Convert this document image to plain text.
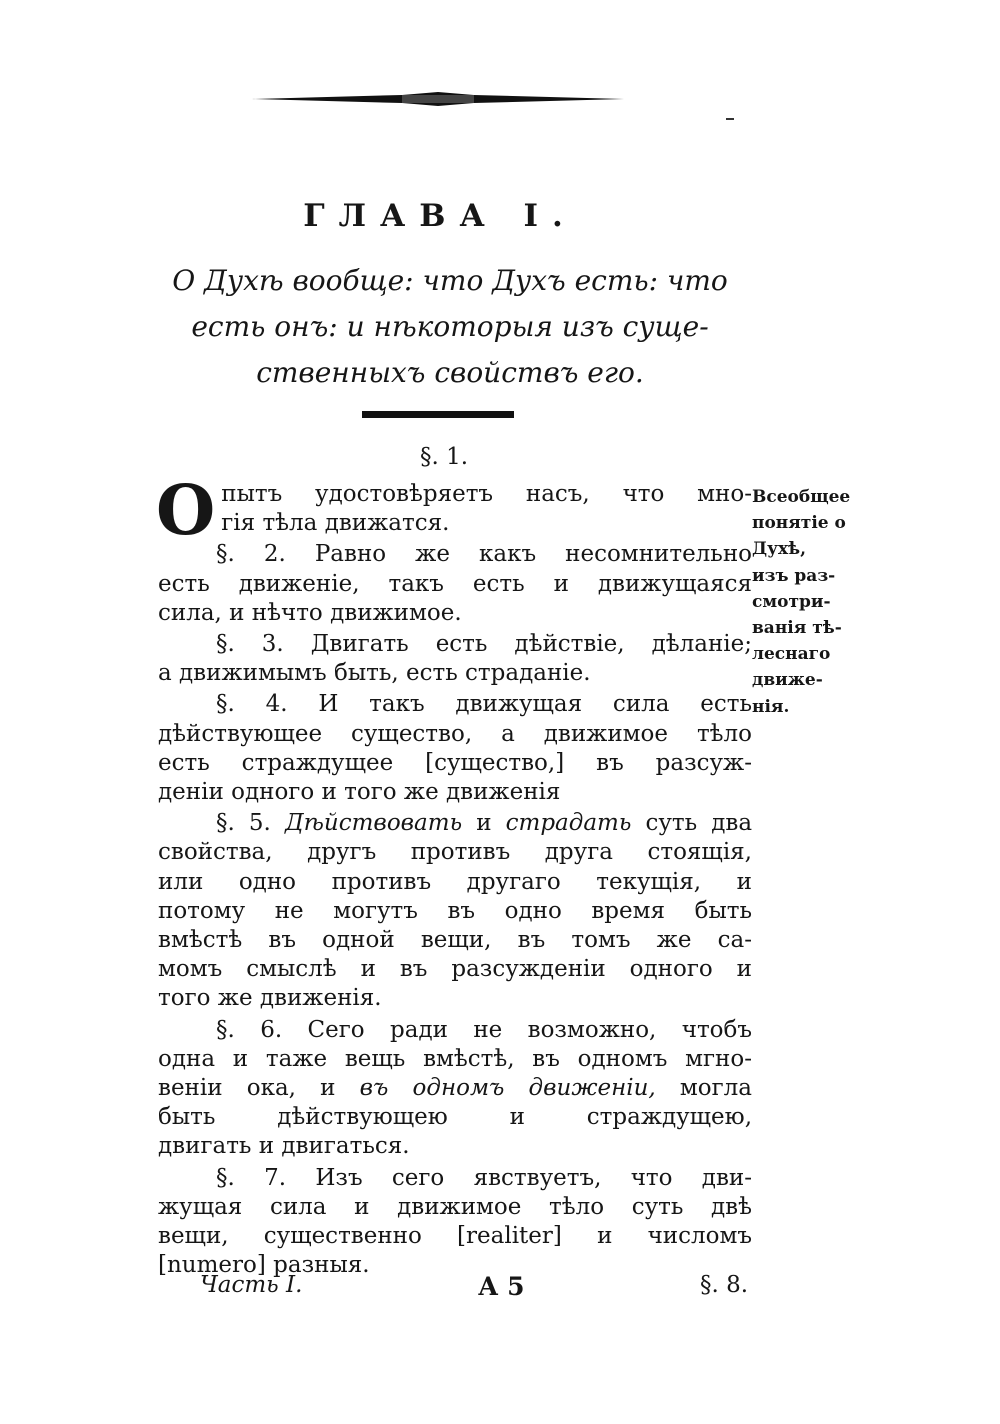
ГЛАВА I.
О Духѣ вообще: что Духъ есть: что
есть онъ: и нѣкоторыя изъ суще-
ственныхъ свойствъ его.
§. 1.
О пытъ удостовѣряетъ насъ, что мно-
гія тѣла движатся.
§. 2. Равно же какъ несомнительно
есть движеніе, такъ есть и движущаяся
сила, и нѣчто движимое.
§. 3. Двигать есть дѣйствіе, дѣланіе;
а движимымъ быть, есть страданіе.
§. 4. И такъ движущая сила есть
дѣйствующее существо, а движимое тѣло
есть страждущее [существо,] въ разсуж-
деніи одного и того же движенія
§. 5. Дѣйствовать и страдать суть два
свойства, другъ противъ друга стоящія,
или одно противъ другаго текущія, и
потому не могутъ въ одно время быть
вмѣстѣ въ одной вещи, въ томъ же са-
момъ смыслѣ и въ разсужденіи одного и
того же движенія.
§. 6. Сего ради не возможно, чтобъ
одна и таже вещь вмѣстѣ, въ одномъ мгно-
веніи ока, и въ одномъ движеніи, могла
быть дѣйствующею и страждущею,
двигать и двигаться.
§. 7. Изъ сего явствуетъ, что дви-
жущая сила и движимое тѣло суть двѣ
вещи, существенно [realiter] и числомъ
[numero] разныя.
Всеобщее
понятіе о
Духѣ,
изъ раз-
смотри-
ванія тѣ-
леснаго
движе-
нія.
Часть I.	А 5	§. 8.
